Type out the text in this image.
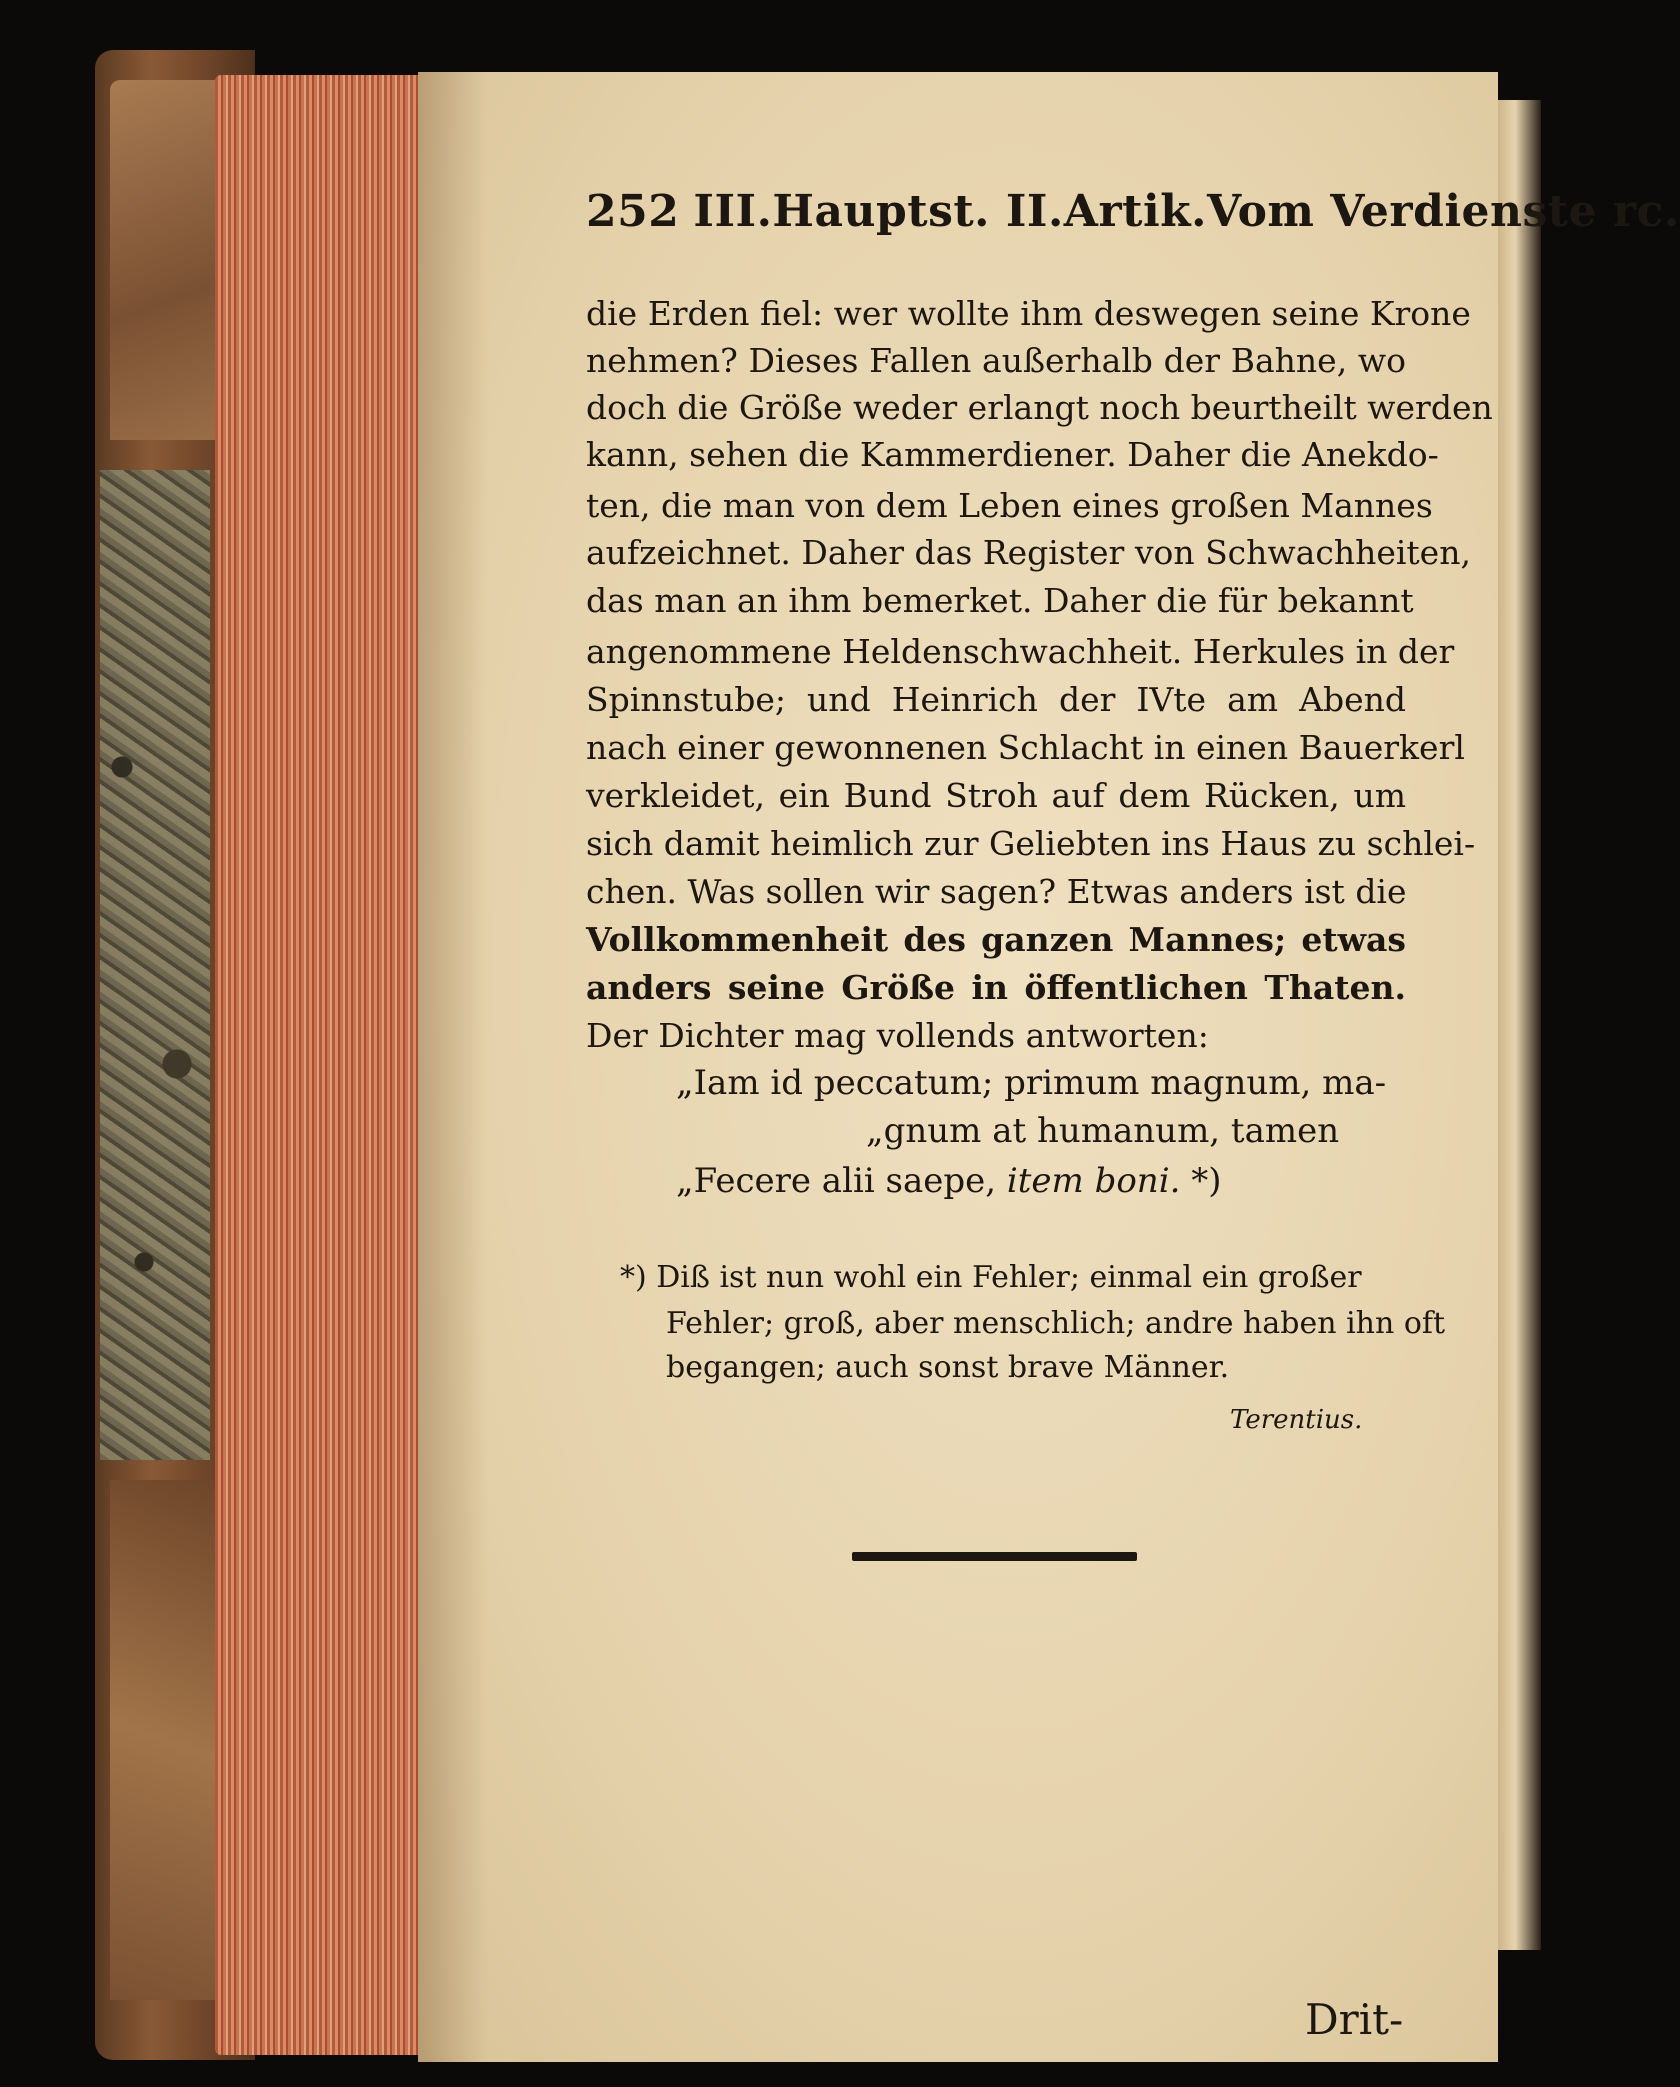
252 III.Hauptst. II.Artik.Vom Verdienste rc.
die Erden fiel: wer wollte ihm deswegen seine Krone
nehmen? Dieses Fallen außerhalb der Bahne, wo
doch die Größe weder erlangt noch beurtheilt werden
kann, sehen die Kammerdiener. Daher die Anekdo-
ten, die man von dem Leben eines großen Mannes
aufzeichnet. Daher das Register von Schwachheiten,
das man an ihm bemerket. Daher die für bekannt
angenommene Heldenschwachheit. Herkules in der
Spinnstube; und Heinrich der IVte am Abend
nach einer gewonnenen Schlacht in einen Bauerkerl
verkleidet, ein Bund Stroh auf dem Rücken, um
sich damit heimlich zur Geliebten ins Haus zu schlei-
chen. Was sollen wir sagen? Etwas anders ist die
Vollkommenheit des ganzen Mannes; etwas
anders seine Größe in öffentlichen Thaten.
Der Dichter mag vollends antworten:
„Iam id peccatum; primum magnum, ma-
„gnum at humanum, tamen
„Fecere alii saepe, item boni. *)
*) Diß ist nun wohl ein Fehler; einmal ein großer
Fehler; groß, aber menschlich; andre haben ihn oft
begangen; auch sonst brave Männer.
Terentius.
Drit-
